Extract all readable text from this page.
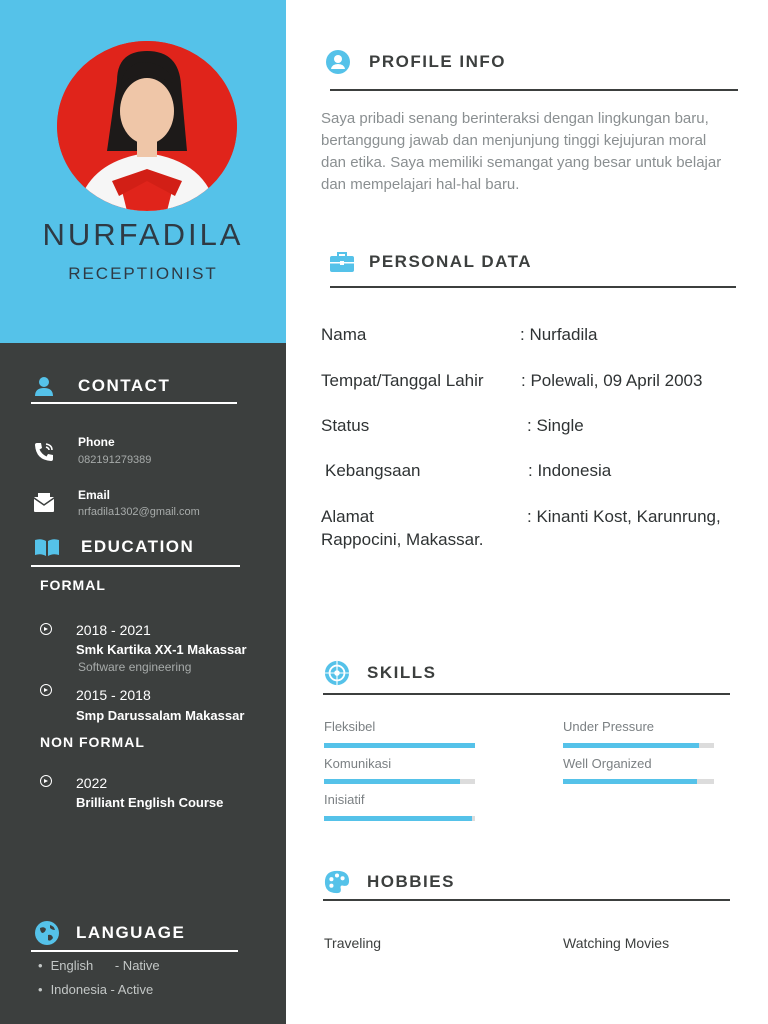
NURFADILA
RECEPTIONIST
CONTACT
Phone
082191279389
Email
nrfadila1302@gmail.com
EDUCATION
FORMAL
2018 - 2021
Smk Kartika XX-1 Makassar
Software engineering
2015 - 2018
Smp Darussalam Makassar
NON FORMAL
2022
Brilliant English Course
LANGUAGE
• English      - Native
• Indonesia - Active
PROFILE INFO
Saya pribadi senang berinteraksi dengan lingkungan baru, bertanggung jawab dan menjunjung tinggi kejujuran moral dan etika. Saya memiliki semangat yang besar untuk belajar dan mempelajari hal-hal baru.
PERSONAL DATA
Nama	: Nurfadila
Tempat/Tanggal Lahir : Polewali, 09 April 2003
Status	: Single
Kebangsaan	: Indonesia
Alamat	: Kinanti Kost, Karunrung,
Rappocini, Makassar.
SKILLS
Fleksibel	Under Pressure
Komunikasi	Well Organized
Inisiatif
HOBBIES
Traveling	Watching Movies
